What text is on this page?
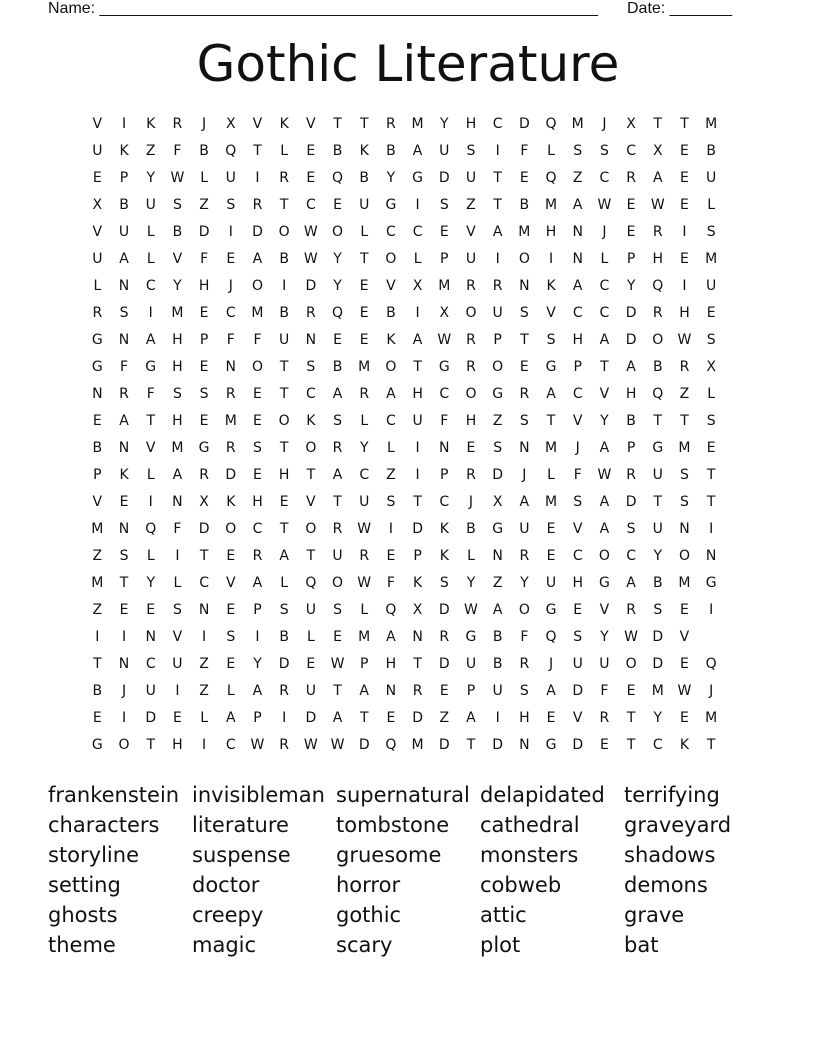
Name: ________________________________________________________ Date: _______
Gothic Literature
V	I	K	R	J	X	V	K	V	T	T	R	M	Y	H	C	D	Q	M	J	X	T	T	M
U	K	Z	F	B	Q	T	L	E	B	K	B	A	U	S	I	F	L	S	S	C	X	E	B
E	P	Y	W	L	U	I	R	E	Q	B	Y	G	D	U	T	E	Q	Z	C	R	A	E	U
X	B	U	S	Z	S	R	T	C	E	U	G	I	S	Z	T	B	M	A	W	E	W	E	L
V	U	L	B	D	I	D	O	W	O	L	C	C	E	V	A	M	H	N	J	E	R	I	S
U	A	L	V	F	E	A	B	W	Y	T	O	L	P	U	I	O	I	N	L	P	H	E	M
L	N	C	Y	H	J	O	I	D	Y	E	V	X	M	R	R	N	K	A	C	Y	Q	I	U
R	S	I	M	E	C	M	B	R	Q	E	B	I	X	O	U	S	V	C	C	D	R	H	E
G	N	A	H	P	F	F	U	N	E	E	K	A	W	R	P	T	S	H	A	D	O	W	S
G	F	G	H	E	N	O	T	S	B	M	O	T	G	R	O	E	G	P	T	A	B	R	X
N	R	F	S	S	R	E	T	C	A	R	A	H	C	O	G	R	A	C	V	H	Q	Z	L
E	A	T	H	E	M	E	O	K	S	L	C	U	F	H	Z	S	T	V	Y	B	T	T	S
B	N	V	M	G	R	S	T	O	R	Y	L	I	N	E	S	N	M	J	A	P	G	M	E
P	K	L	A	R	D	E	H	T	A	C	Z	I	P	R	D	J	L	F	W	R	U	S	T
V	E	I	N	X	K	H	E	V	T	U	S	T	C	J	X	A	M	S	A	D	T	S	T
M	N	Q	F	D	O	C	T	O	R	W	I	D	K	B	G	U	E	V	A	S	U	N	I
Z	S	L	I	T	E	R	A	T	U	R	E	P	K	L	N	R	E	C	O	C	Y	O	N
M	T	Y	L	C	V	A	L	Q	O	W	F	K	S	Y	Z	Y	U	H	G	A	B	M	G
Z	E	E	S	N	E	P	S	U	S	L	Q	X	D	W	A	O	G	E	V	R	S	E	I
I	I	N	V	I	S	I	B	L	E	M	A	N	R	G	B	F	Q	S	Y	W	D	V
T	N	C	U	Z	E	Y	D	E	W	P	H	T	D	U	B	R	J	U	U	O	D	E	Q
B	J	U	I	Z	L	A	R	U	T	A	N	R	E	P	U	S	A	D	F	E	M W	J
E	I	D	E	L	A	P	I	D	A	T	E	D	Z	A	I	H	E	V	R	T	Y	E	M
G	O	T	H	I	C	W	R	W W	D	Q	M	D	T	D	N	G	D	E	T	C	K	T
frankenstein invisibleman supernatural delapidated terrifying
characters	literature	tombstone	cathedral	graveyard
storyline	suspense	gruesome	monsters	shadows
setting	doctor	horror	cobweb	demons
ghosts	creepy	gothic	attic	grave
theme	magic	scary	plot	bat
